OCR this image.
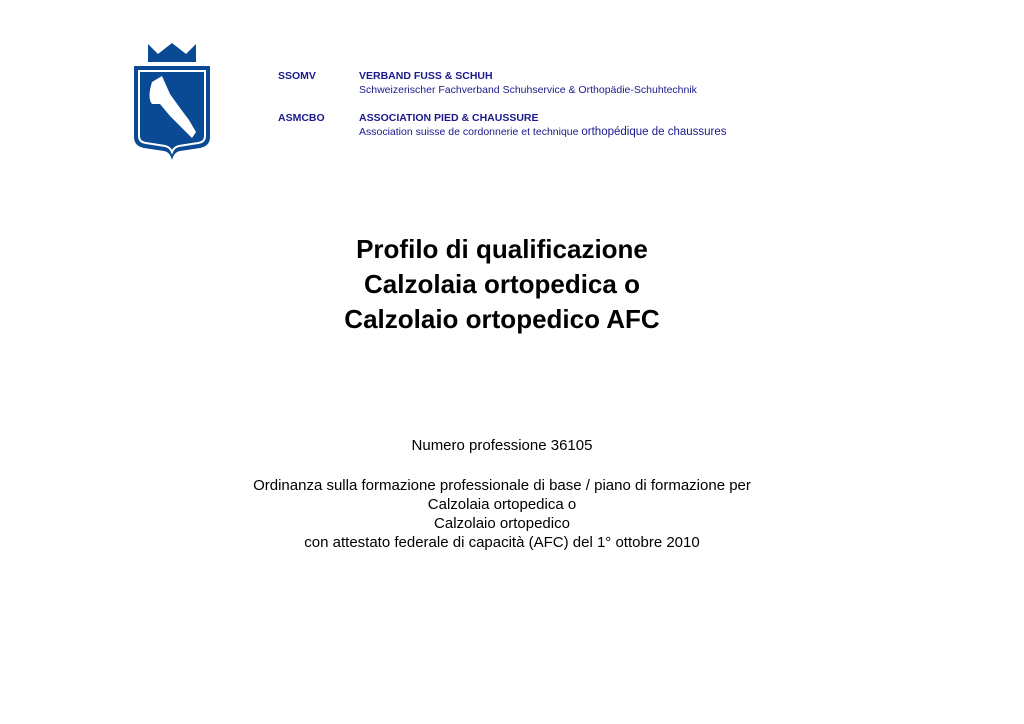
SSOMV	VERBAND FUSS & SCHUH
Schweizerischer Fachverband Schuhservice & Orthopädie-Schuhtechnik
ASMCBO	ASSOCIATION PIED & CHAUSSURE
Association suisse de cordonnerie et technique orthopédique de chaussures
Profilo di qualificazione
Calzolaia ortopedica o
Calzolaio ortopedico AFC
Numero professione 36105
Ordinanza sulla formazione professionale di base / piano di formazione per
Calzolaia ortopedica o
Calzolaio ortopedico
con attestato federale di capacità (AFC) del 1° ottobre 2010
